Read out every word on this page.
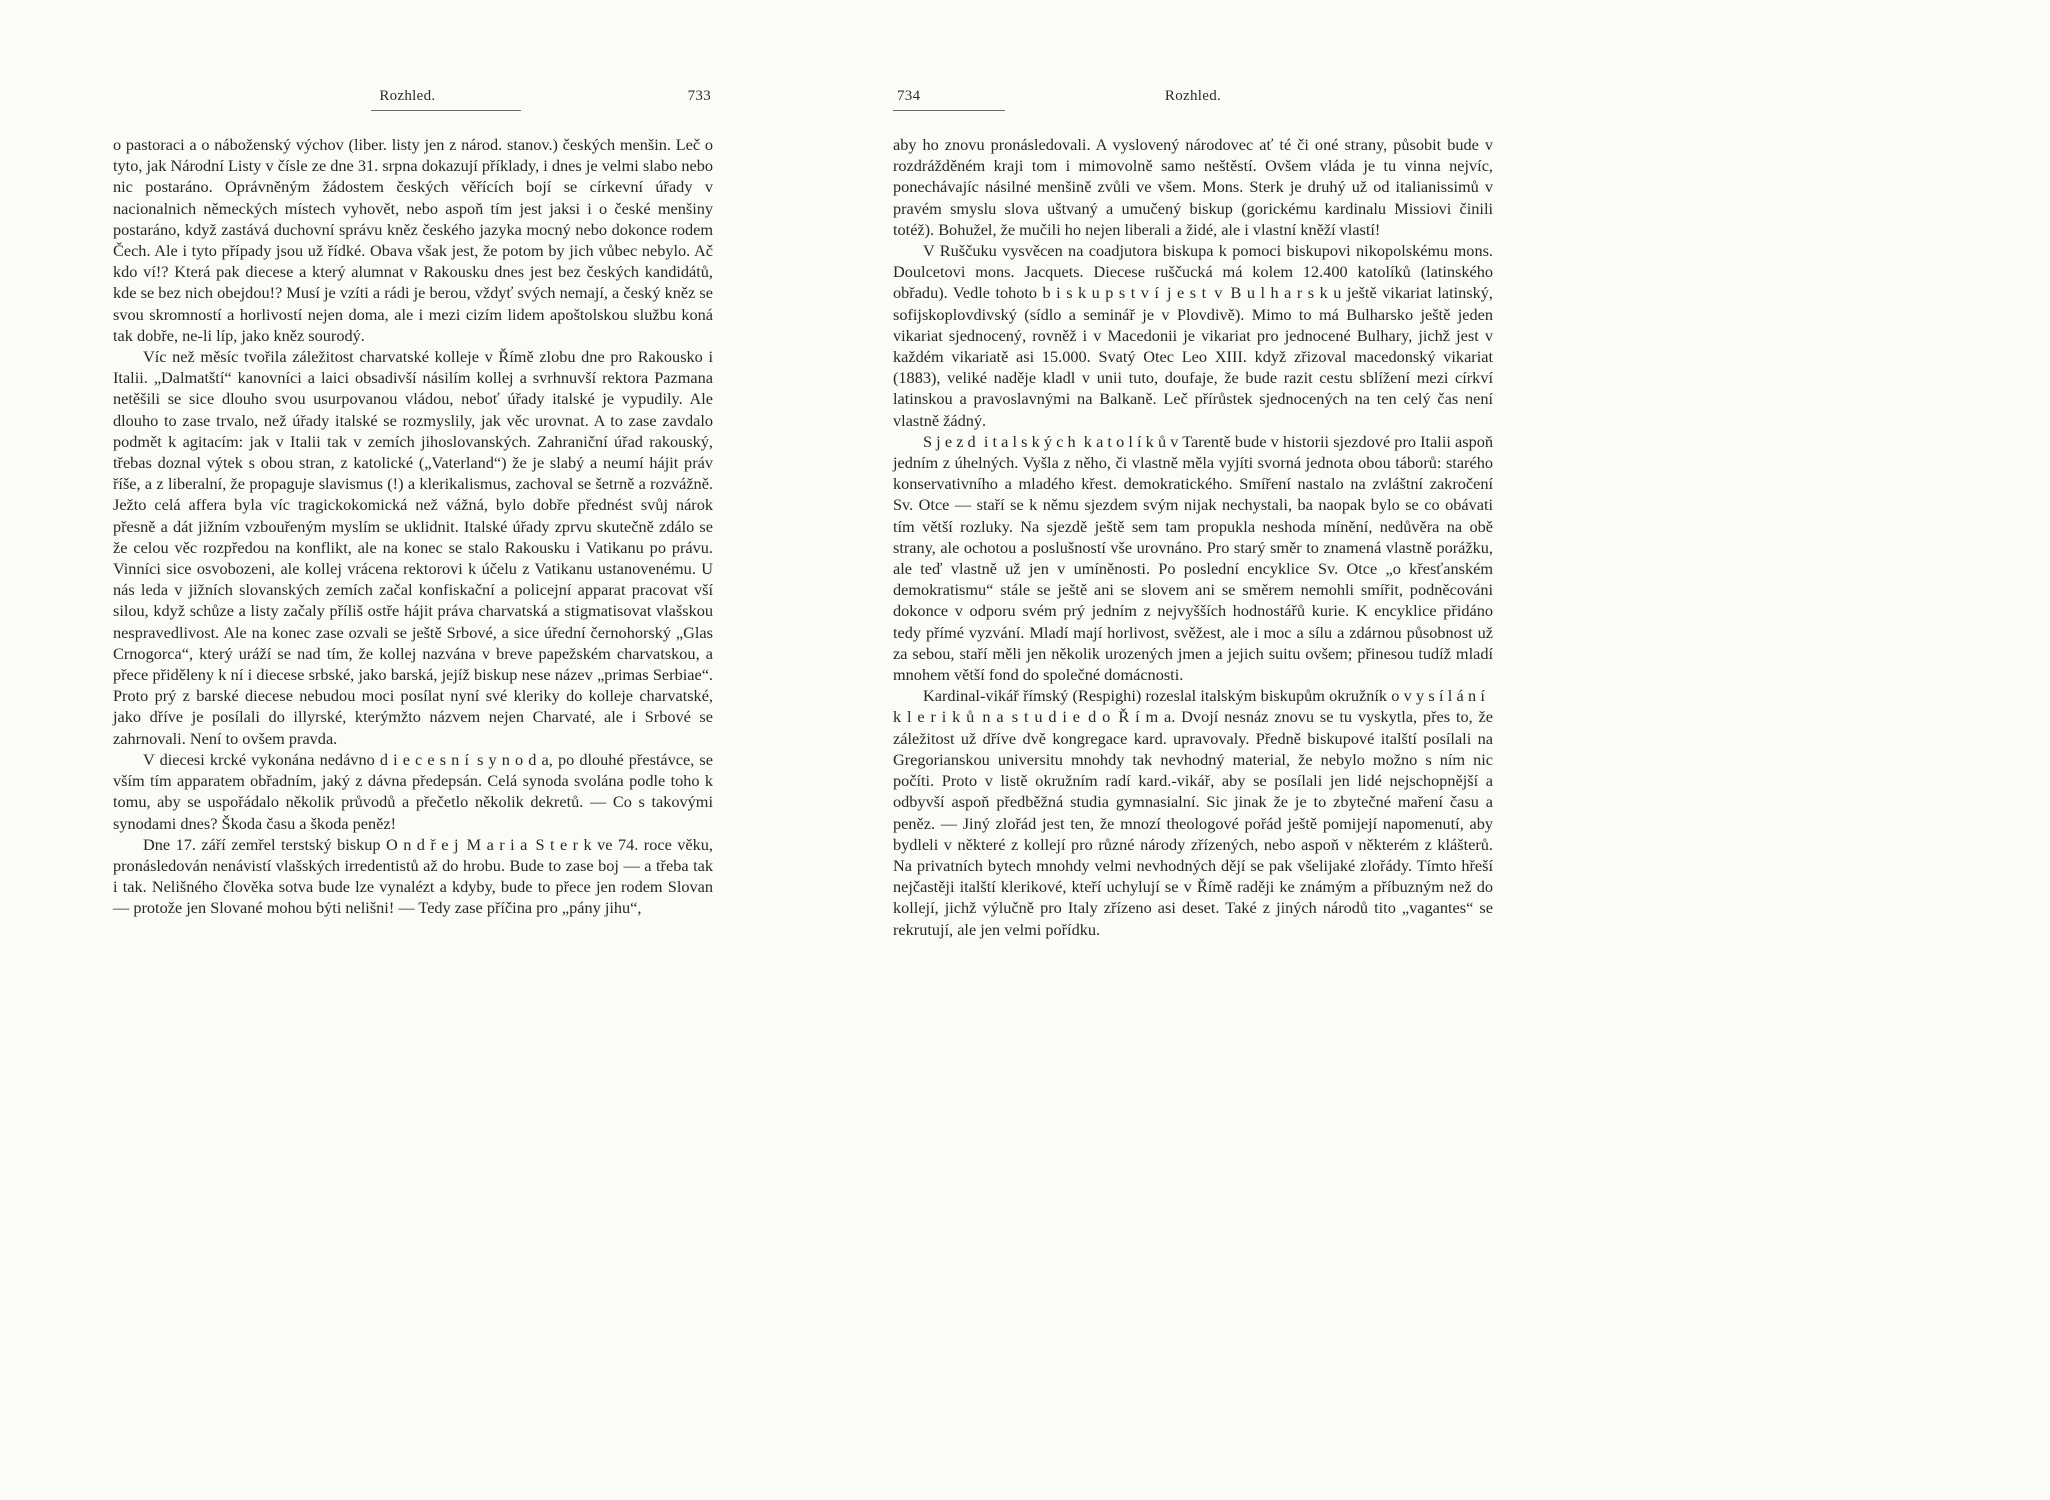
Rozhled.	733

o pastoraci a o náboženský výchov (liber. listy jen z národ. stanov.) českých menšin. Leč o tyto, jak Národní Listy v čísle ze dne 31. srpna dokazují příklady, i dnes je velmi slabo nebo nic postaráno. Oprávněným žádostem českých věřících bojí se církevní úřady v nacionalnich německých místech vyhovět, nebo aspoň tím jest jaksi i o české menšiny postaráno, když zastává duchovní správu kněz českého jazyka mocný nebo dokonce rodem Čech. Ale i tyto případy jsou už řídké. Obava však jest, že potom by jich vůbec nebylo. Ač kdo ví!? Která pak diecese a který alumnat v Rakousku dnes jest bez českých kandidátů, kde se bez nich obejdou!? Musí je vzíti a rádi je berou, vždyť svých nemají, a český kněz se svou skromností a horlivostí nejen doma, ale i mezi cizím lidem apoštolskou službu koná tak dobře, ne-li líp, jako kněz sourodý.

Víc než měsíc tvořila záležitost charvatské kolleje v Římě zlobu dne pro Rakousko i Italii. „Dalmatští“ kanovníci a laici obsadivší násilím kollej a svrhnuvší rektora Pazmana netěšili se sice dlouho svou usurpovanou vládou, neboť úřady italské je vypudily. Ale dlouho to zase trvalo, než úřady italské se rozmyslily, jak věc urovnat. A to zase zavdalo podmět k agitacím: jak v Italii tak v zemích jihoslovanských. Zahraniční úřad rakouský, třebas doznal výtek s obou stran, z katolické („Vaterland“) že je slabý a neumí hájit práv říše, a z liberalní, že propaguje slavismus (!) a klerikalismus, zachoval se šetrně a rozvážně. Ježto celá affera byla víc tragickokomická než vážná, bylo dobře přednést svůj nárok přesně a dát jižním vzbouřeným myslím se uklidnit. Italské úřady zprvu skutečně zdálo se že celou věc rozpředou na konflikt, ale na konec se stalo Rakousku i Vatikanu po právu. Vinníci sice osvobozeni, ale kollej vrácena rektorovi k účelu z Vatikanu ustanovenému. U nás leda v jižních slovanských zemích začal konfiskační a policejní apparat pracovat vší silou, když schůze a listy začaly příliš ostře hájit práva charvatská a stigmatisovat vlašskou nespravedlivost. Ale na konec zase ozvali se ještě Srbové, a sice úřední černohorský „Glas Crnogorca“, který uráží se nad tím, že kollej nazvána v breve papežském charvatskou, a přece přiděleny k ní i diecese srbské, jako barská, jejíž biskup nese název „primas Serbiae“. Proto prý z barské diecese nebudou moci posílat nyní své kleriky do kolleje charvatské, jako dříve je posílali do illyrské, kterýmžto názvem nejen Charvaté, ale i Srbové se zahrnovali. Není to ovšem pravda.

V diecesi krcké vykonána nedávno d i e c e s n í s y n o d a, po dlouhé přestávce, se vším tím apparatem obřadním, jaký z dávna předepsán. Celá synoda svolána podle toho k tomu, aby se uspořádalo několik průvodů a přečetlo několik dekretů. — Co s takovými synodami dnes? Škoda času a škoda peněz!

Dne 17. září zemřel terstský biskup O n d ř e j M a r i a S t e r k ve 74. roce věku, pronásledován nenávistí vlašských irredentistů až do hrobu. Bude to zase boj — a třeba tak i tak. Nelišného člověka sotva bude lze vynalézt a kdyby, bude to přece jen rodem Slovan — protože jen Slované mohou býti nelišni! — Tedy zase příčina pro „pány jihu“,

734	Rozhled.

aby ho znovu pronásledovali. A vyslovený národovec ať té či oné strany, působit bude v rozdrážděném kraji tom i mimovolně samo neštěstí. Ovšem vláda je tu vinna nejvíc, ponechávajíc násilné menšině zvůli ve všem. Mons. Sterk je druhý už od italianissimů v pravém smyslu slova uštvaný a umučený biskup (gorickému kardinalu Missiovi činili totéž). Bohužel, že mučili ho nejen liberali a židé, ale i vlastní kněží vlastí!

V Ruščuku vysvěcen na coadjutora biskupa k pomoci biskupovi nikopolskému mons. Doulcetovi mons. Jacquets. Diecese ruščucká má kolem 12.400 katolíků (latinského obřadu). Vedle tohoto b i s k u p s t v í j e s t v B u l h a r s k u ještě vikariat latinský, sofijskoplovdivský (sídlo a seminář je v Plovdivě). Mimo to má Bulharsko ještě jeden vikariat sjednocený, rovněž i v Macedonii je vikariat pro jednocené Bulhary, jichž jest v každém vikariatě asi 15.000. Svatý Otec Leo XIII. když zřizoval macedonský vikariat (1883), veliké naděje kladl v unii tuto, doufaje, že bude razit cestu sblížení mezi církví latinskou a pravoslavnými na Balkaně. Leč přírůstek sjednocených na ten celý čas není vlastně žádný.

S j e z d i t a l s k ý c h k a t o l í k ů v Tarentě bude v historii sjezdové pro Italii aspoň jedním z úhelných. Vyšla z něho, či vlastně měla vyjíti svorná jednota obou táborů: starého konservativního a mladého křest. demokratického. Smíření nastalo na zvláštní zakročení Sv. Otce — staří se k němu sjezdem svým nijak nechystali, ba naopak bylo se co obávati tím větší rozluky. Na sjezdě ještě sem tam propukla neshoda mínění, nedůvěra na obě strany, ale ochotou a poslušností vše urovnáno. Pro starý směr to znamená vlastně porážku, ale teď vlastně už jen v umíněnosti. Po poslední encyklice Sv. Otce „o křesťanském demokratismu“ stále se ještě ani se slovem ani se směrem nemohli smířit, podněcováni dokonce v odporu svém prý jedním z nejvyšších hodnostářů kurie. K encyklice přidáno tedy přímé vyzvání. Mladí mají horlivost, svěžest, ale i moc a sílu a zdárnou působnost už za sebou, staří měli jen několik urozených jmen a jejich suitu ovšem; přinesou tudíž mladí mnohem větší fond do společné domácnosti.

Kardinal-vikář římský (Respighi) rozeslal italským biskupům okružník o v y s í l á n í k l e r i k ů n a s t u d i e d o Ř í m a. Dvojí nesnáz znovu se tu vyskytla, přes to, že záležitost už dříve dvě kongregace kard. upravovaly. Předně biskupové italští posílali na Gregorianskou universitu mnohdy tak nevhodný material, že nebylo možno s ním nic počíti. Proto v listě okružním radí kard.-vikář, aby se posílali jen lidé nejschopnější a odbyvší aspoň předběžná studia gymnasialní. Sic jinak že je to zbytečné maření času a peněz. — Jiný zlořád jest ten, že mnozí theologové pořád ještě pomijejí napomenutí, aby bydleli v některé z kollejí pro různé národy zřízených, nebo aspoň v některém z klášterů. Na privatních bytech mnohdy velmi nevhodných dějí se pak všelijaké zlořády. Tímto hřeší nejčastěji italští klerikové, kteří uchylují se v Římě raději ke známým a příbuzným než do kollejí, jichž výlučně pro Italy zřízeno asi deset. Také z jiných národů tito „vagantes“ se rekrutují, ale jen velmi pořídku.
